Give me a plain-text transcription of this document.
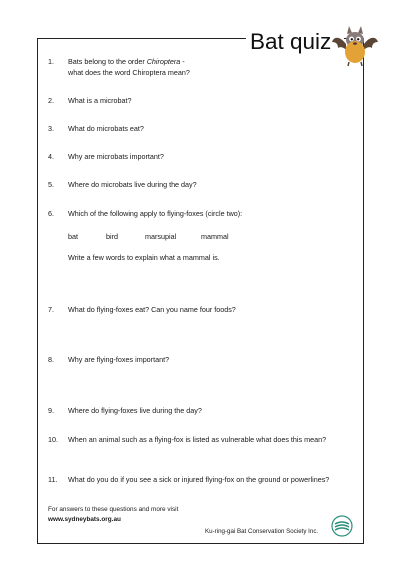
Bat quiz
1.	Bats belong to the order Chiroptera -
what does the word Chiroptera mean?
2.	What is a microbat?
3.	What do microbats eat?
4.	Why are microbats important?
5.	Where do microbats live during the day?
6.	Which of the following apply to flying-foxes (circle two):
bat	bird	marsupial	mammal
Write a few words to explain what a mammal is.
7.	What do flying-foxes eat? Can you name four foods?
8.	Why are flying-foxes important?
9.	Where do flying-foxes live during the day?
10.	When an animal such as a flying-fox is listed as vulnerable what does this mean?
11.	What do you do if you see a sick or injured flying-fox on the ground or powerlines?
For answers to these questions and more visit
www.sydneybats.org.au
Ku-ring-gai Bat Conservation Society Inc.
